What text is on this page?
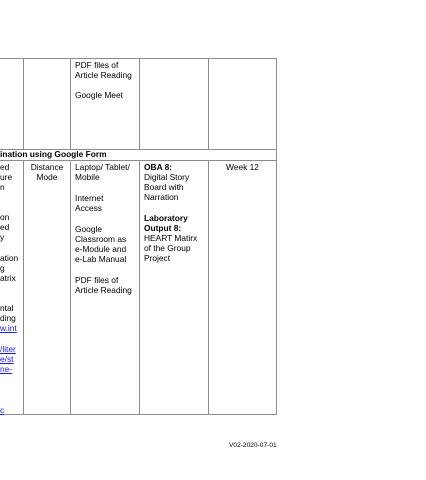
PDF files of
Article Reading
Google Meet
ination using Google Form
ed
ure
n
on
ed
y
ation
g
atrix
ntal
ding
w.int
/liter
e/st
ne-
c
Distance
Mode
Laptop/ Tablet/
Mobile
Internet
Access
Google
Classroom as
e-Module and
e-Lab Manual
PDF files of
Article Reading
OBA 8:
Digital Story
Board with
Narration
Laboratory
Output 8:
HEART Matirx
of the Group
Project
Week 12
V02-2020-07-01
